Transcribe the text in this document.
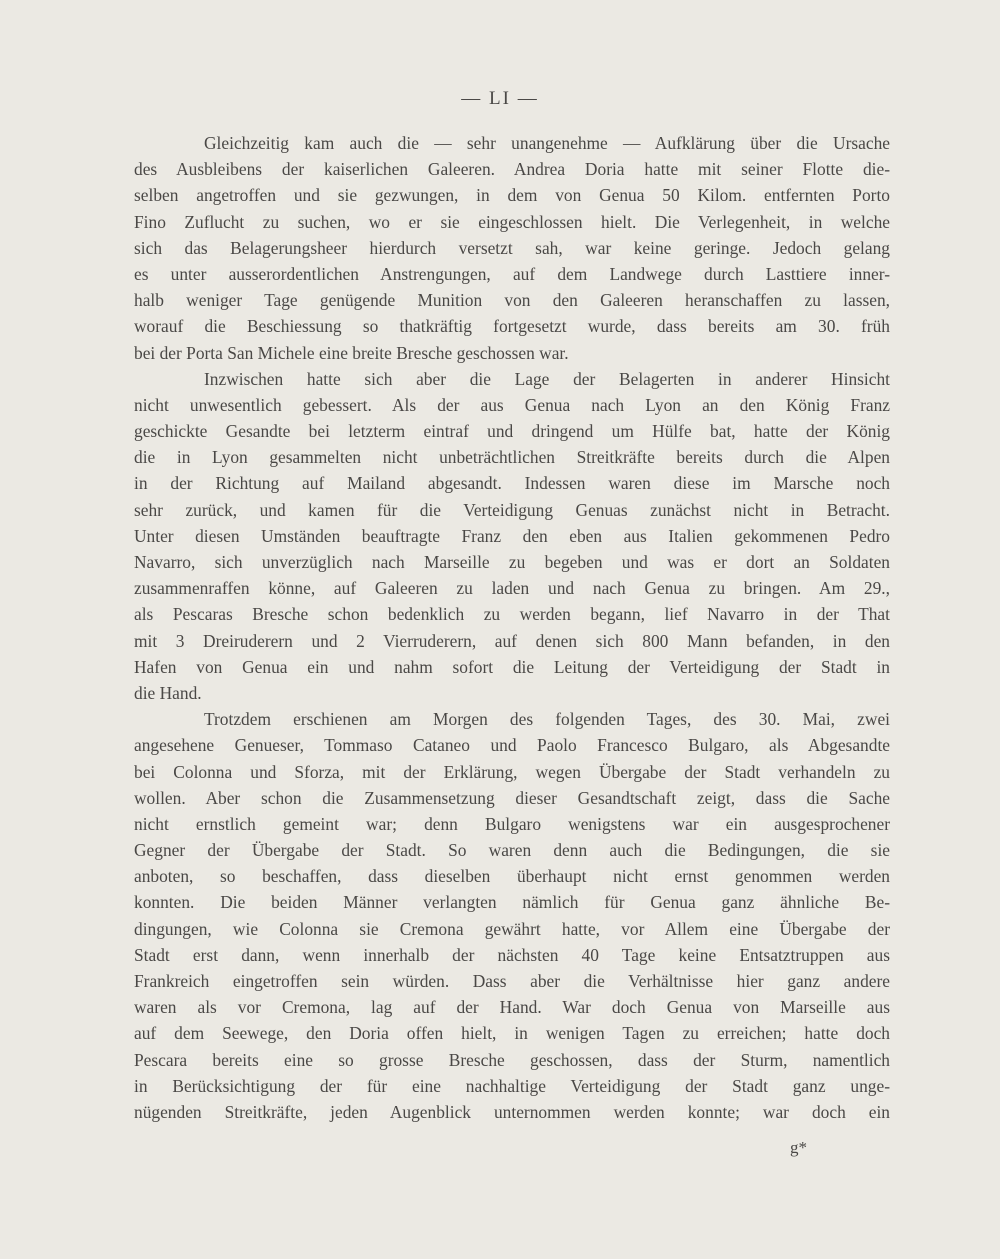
— LI —
Gleichzeitig kam auch die — sehr unangenehme — Aufklärung über die Ursache
des Ausbleibens der kaiserlichen Galeeren. Andrea Doria hatte mit seiner Flotte die-
selben angetroffen und sie gezwungen, in dem von Genua 50 Kilom. entfernten Porto
Fino Zuflucht zu suchen, wo er sie eingeschlossen hielt. Die Verlegenheit, in welche
sich das Belagerungsheer hierdurch versetzt sah, war keine geringe. Jedoch gelang
es unter ausserordentlichen Anstrengungen, auf dem Landwege durch Lasttiere inner-
halb weniger Tage genügende Munition von den Galeeren heranschaffen zu lassen,
worauf die Beschiessung so thatkräftig fortgesetzt wurde, dass bereits am 30. früh
bei der Porta San Michele eine breite Bresche geschossen war.
Inzwischen hatte sich aber die Lage der Belagerten in anderer Hinsicht
nicht unwesentlich gebessert. Als der aus Genua nach Lyon an den König Franz
geschickte Gesandte bei letzterm eintraf und dringend um Hülfe bat, hatte der König
die in Lyon gesammelten nicht unbeträchtlichen Streitkräfte bereits durch die Alpen
in der Richtung auf Mailand abgesandt. Indessen waren diese im Marsche noch
sehr zurück, und kamen für die Verteidigung Genuas zunächst nicht in Betracht.
Unter diesen Umständen beauftragte Franz den eben aus Italien gekommenen Pedro
Navarro, sich unverzüglich nach Marseille zu begeben und was er dort an Soldaten
zusammenraffen könne, auf Galeeren zu laden und nach Genua zu bringen. Am 29.,
als Pescaras Bresche schon bedenklich zu werden begann, lief Navarro in der That
mit 3 Dreiruderern und 2 Vierruderern, auf denen sich 800 Mann befanden, in den
Hafen von Genua ein und nahm sofort die Leitung der Verteidigung der Stadt in
die Hand.
Trotzdem erschienen am Morgen des folgenden Tages, des 30. Mai, zwei
angesehene Genueser, Tommaso Cataneo und Paolo Francesco Bulgaro, als Abgesandte
bei Colonna und Sforza, mit der Erklärung, wegen Übergabe der Stadt verhandeln zu
wollen. Aber schon die Zusammensetzung dieser Gesandtschaft zeigt, dass die Sache
nicht ernstlich gemeint war; denn Bulgaro wenigstens war ein ausgesprochener
Gegner der Übergabe der Stadt. So waren denn auch die Bedingungen, die sie
anboten, so beschaffen, dass dieselben überhaupt nicht ernst genommen werden
konnten. Die beiden Männer verlangten nämlich für Genua ganz ähnliche Be-
dingungen, wie Colonna sie Cremona gewährt hatte, vor Allem eine Übergabe der
Stadt erst dann, wenn innerhalb der nächsten 40 Tage keine Entsatztruppen aus
Frankreich eingetroffen sein würden. Dass aber die Verhältnisse hier ganz andere
waren als vor Cremona, lag auf der Hand. War doch Genua von Marseille aus
auf dem Seewege, den Doria offen hielt, in wenigen Tagen zu erreichen; hatte doch
Pescara bereits eine so grosse Bresche geschossen, dass der Sturm, namentlich
in Berücksichtigung der für eine nachhaltige Verteidigung der Stadt ganz unge-
nügenden Streitkräfte, jeden Augenblick unternommen werden konnte; war doch ein
g*
